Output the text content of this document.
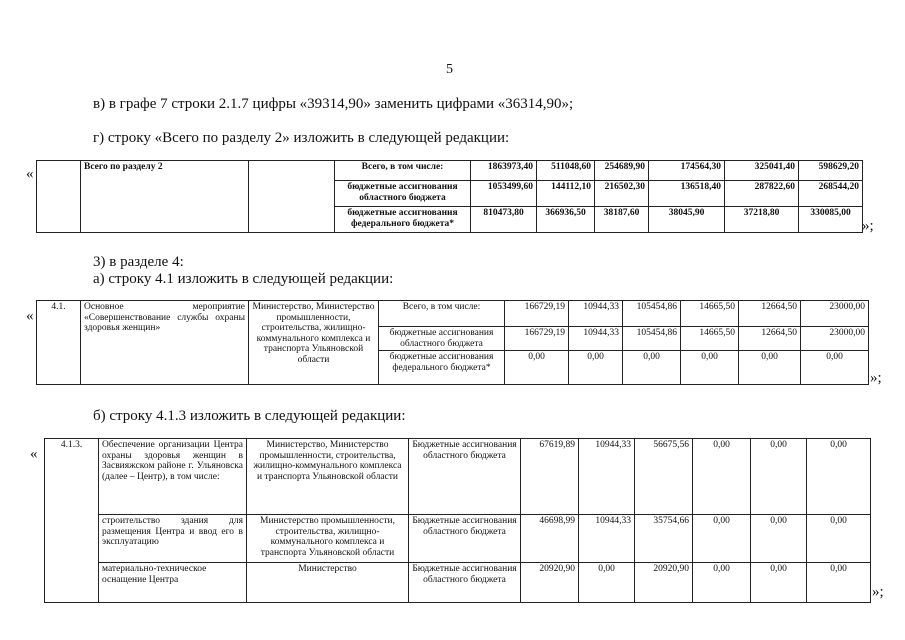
5
в) в графе 7 строки 2.1.7 цифры «39314,90» заменить цифрами «36314,90»;
г) строку «Всего по разделу 2» изложить в следующей редакции:
«
		Всего по разделу 2		Всего, в том числе:	1863973,40	511048,60	254689,90	174564,30	325041,40	598629,20
			бюджетные ассигнования областного бюджета	1053499,60	144112,10	216502,30	136518,40	287822,60	268544,20
			бюджетные ассигнования федерального бюджета*	810473,80	366936,50	38187,60	38045,90	37218,80	330085,00
»;
3) в разделе 4:
а) строку 4.1 изложить в следующей редакции:
«
4.1.	Основное мероприятие «Совершенствование службы охраны здоровья женщин»	Министерство, Министерство промышленности, строительства, жилищно-коммунального комплекса и транспорта Ульяновской области	Всего, в том числе:	166729,19	10944,33	105454,86	14665,50	12664,50	23000,00
			бюджетные ассигнования областного бюджета	166729,19	10944,33	105454,86	14665,50	12664,50	23000,00
			бюджетные ассигнования федерального бюджета*	0,00	0,00	0,00	0,00	0,00	0,00
»;
б) строку 4.1.3 изложить в следующей редакции:
«
4.1.3.	Обеспечение организации Центра охраны здоровья женщин в Засвияжском районе г. Ульяновска (далее – Центр), в том числе:	Министерство, Министерство промышленности, строительства, жилищно-коммунального комплекса и транспорта Ульяновской области	Бюджетные ассигнования областного бюджета	67619,89	10944,33	56675,56	0,00	0,00	0,00
	строительство здания для размещения Центра и ввод его в эксплуатацию	Министерство промышленности, строительства, жилищно-коммунального комплекса и транспорта Ульяновской области	Бюджетные ассигнования областного бюджета	46698,99	10944,33	35754,66	0,00	0,00	0,00
	материально-техническое оснащение Центра	Министерство	Бюджетные ассигнования областного бюджета	20920,90	0,00	20920,90	0,00	0,00	0,00
»;
